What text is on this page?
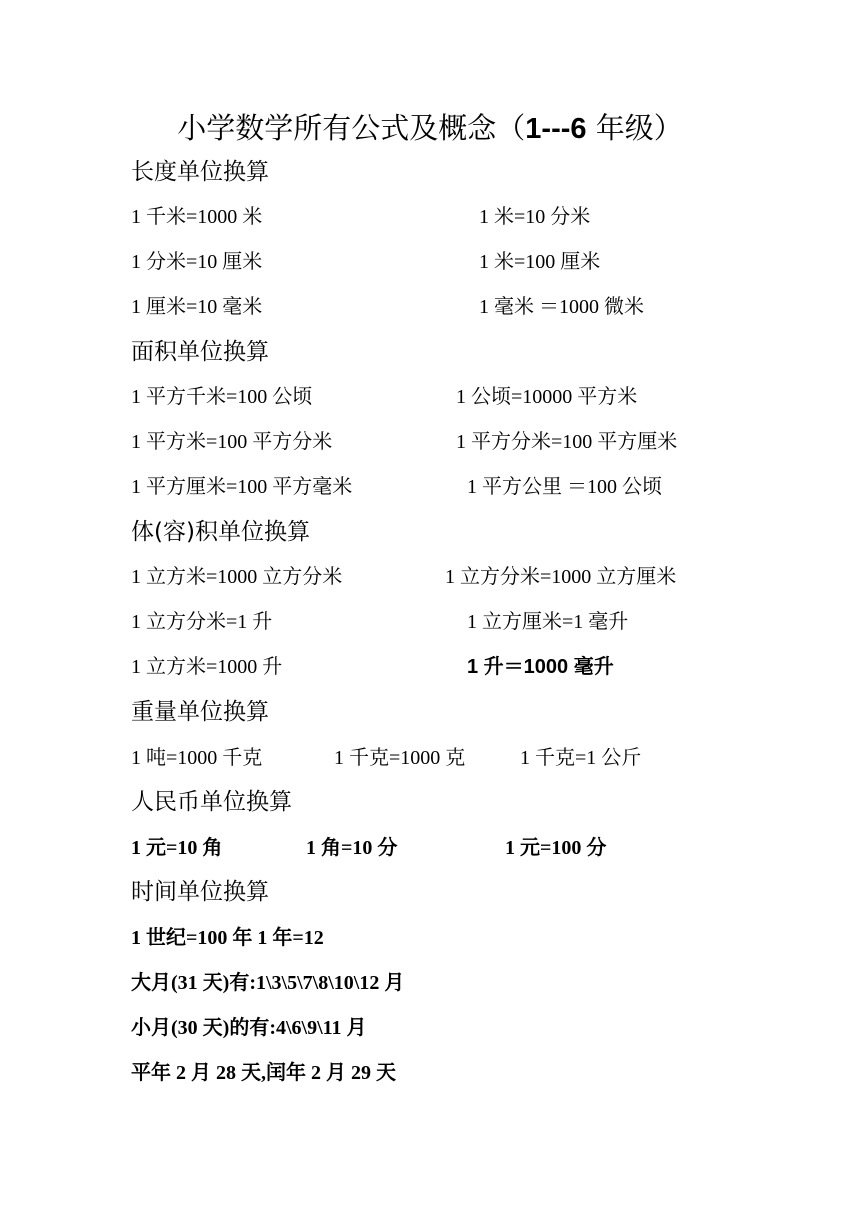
小学数学所有公式及概念（1---6 年级）
长度单位换算
1 千米=1000 米	1 米=10 分米
1 分米=10 厘米	1 米=100 厘米
1 厘米=10 毫米	1 毫米 ＝1000 微米
面积单位换算
1 平方千米=100 公顷	1 公顷=10000 平方米
1 平方米=100 平方分米	1 平方分米=100 平方厘米
1 平方厘米=100 平方毫米	1 平方公里 ＝100 公顷
体(容)积单位换算
1 立方米=1000 立方分米	1 立方分米=1000 立方厘米
1 立方分米=1 升	1 立方厘米=1 毫升
1 立方米=1000 升	1 升＝1000 毫升
重量单位换算
1 吨=1000 千克	1 千克=1000 克	1 千克=1 公斤
人民币单位换算
1 元=10 角	1 角=10 分	1 元=100 分
时间单位换算
1 世纪=100 年 1 年=12
大月(31 天)有:1\3\5\7\8\10\12 月
小月(30 天)的有:4\6\9\11 月
平年 2 月 28 天,闰年 2 月 29 天
